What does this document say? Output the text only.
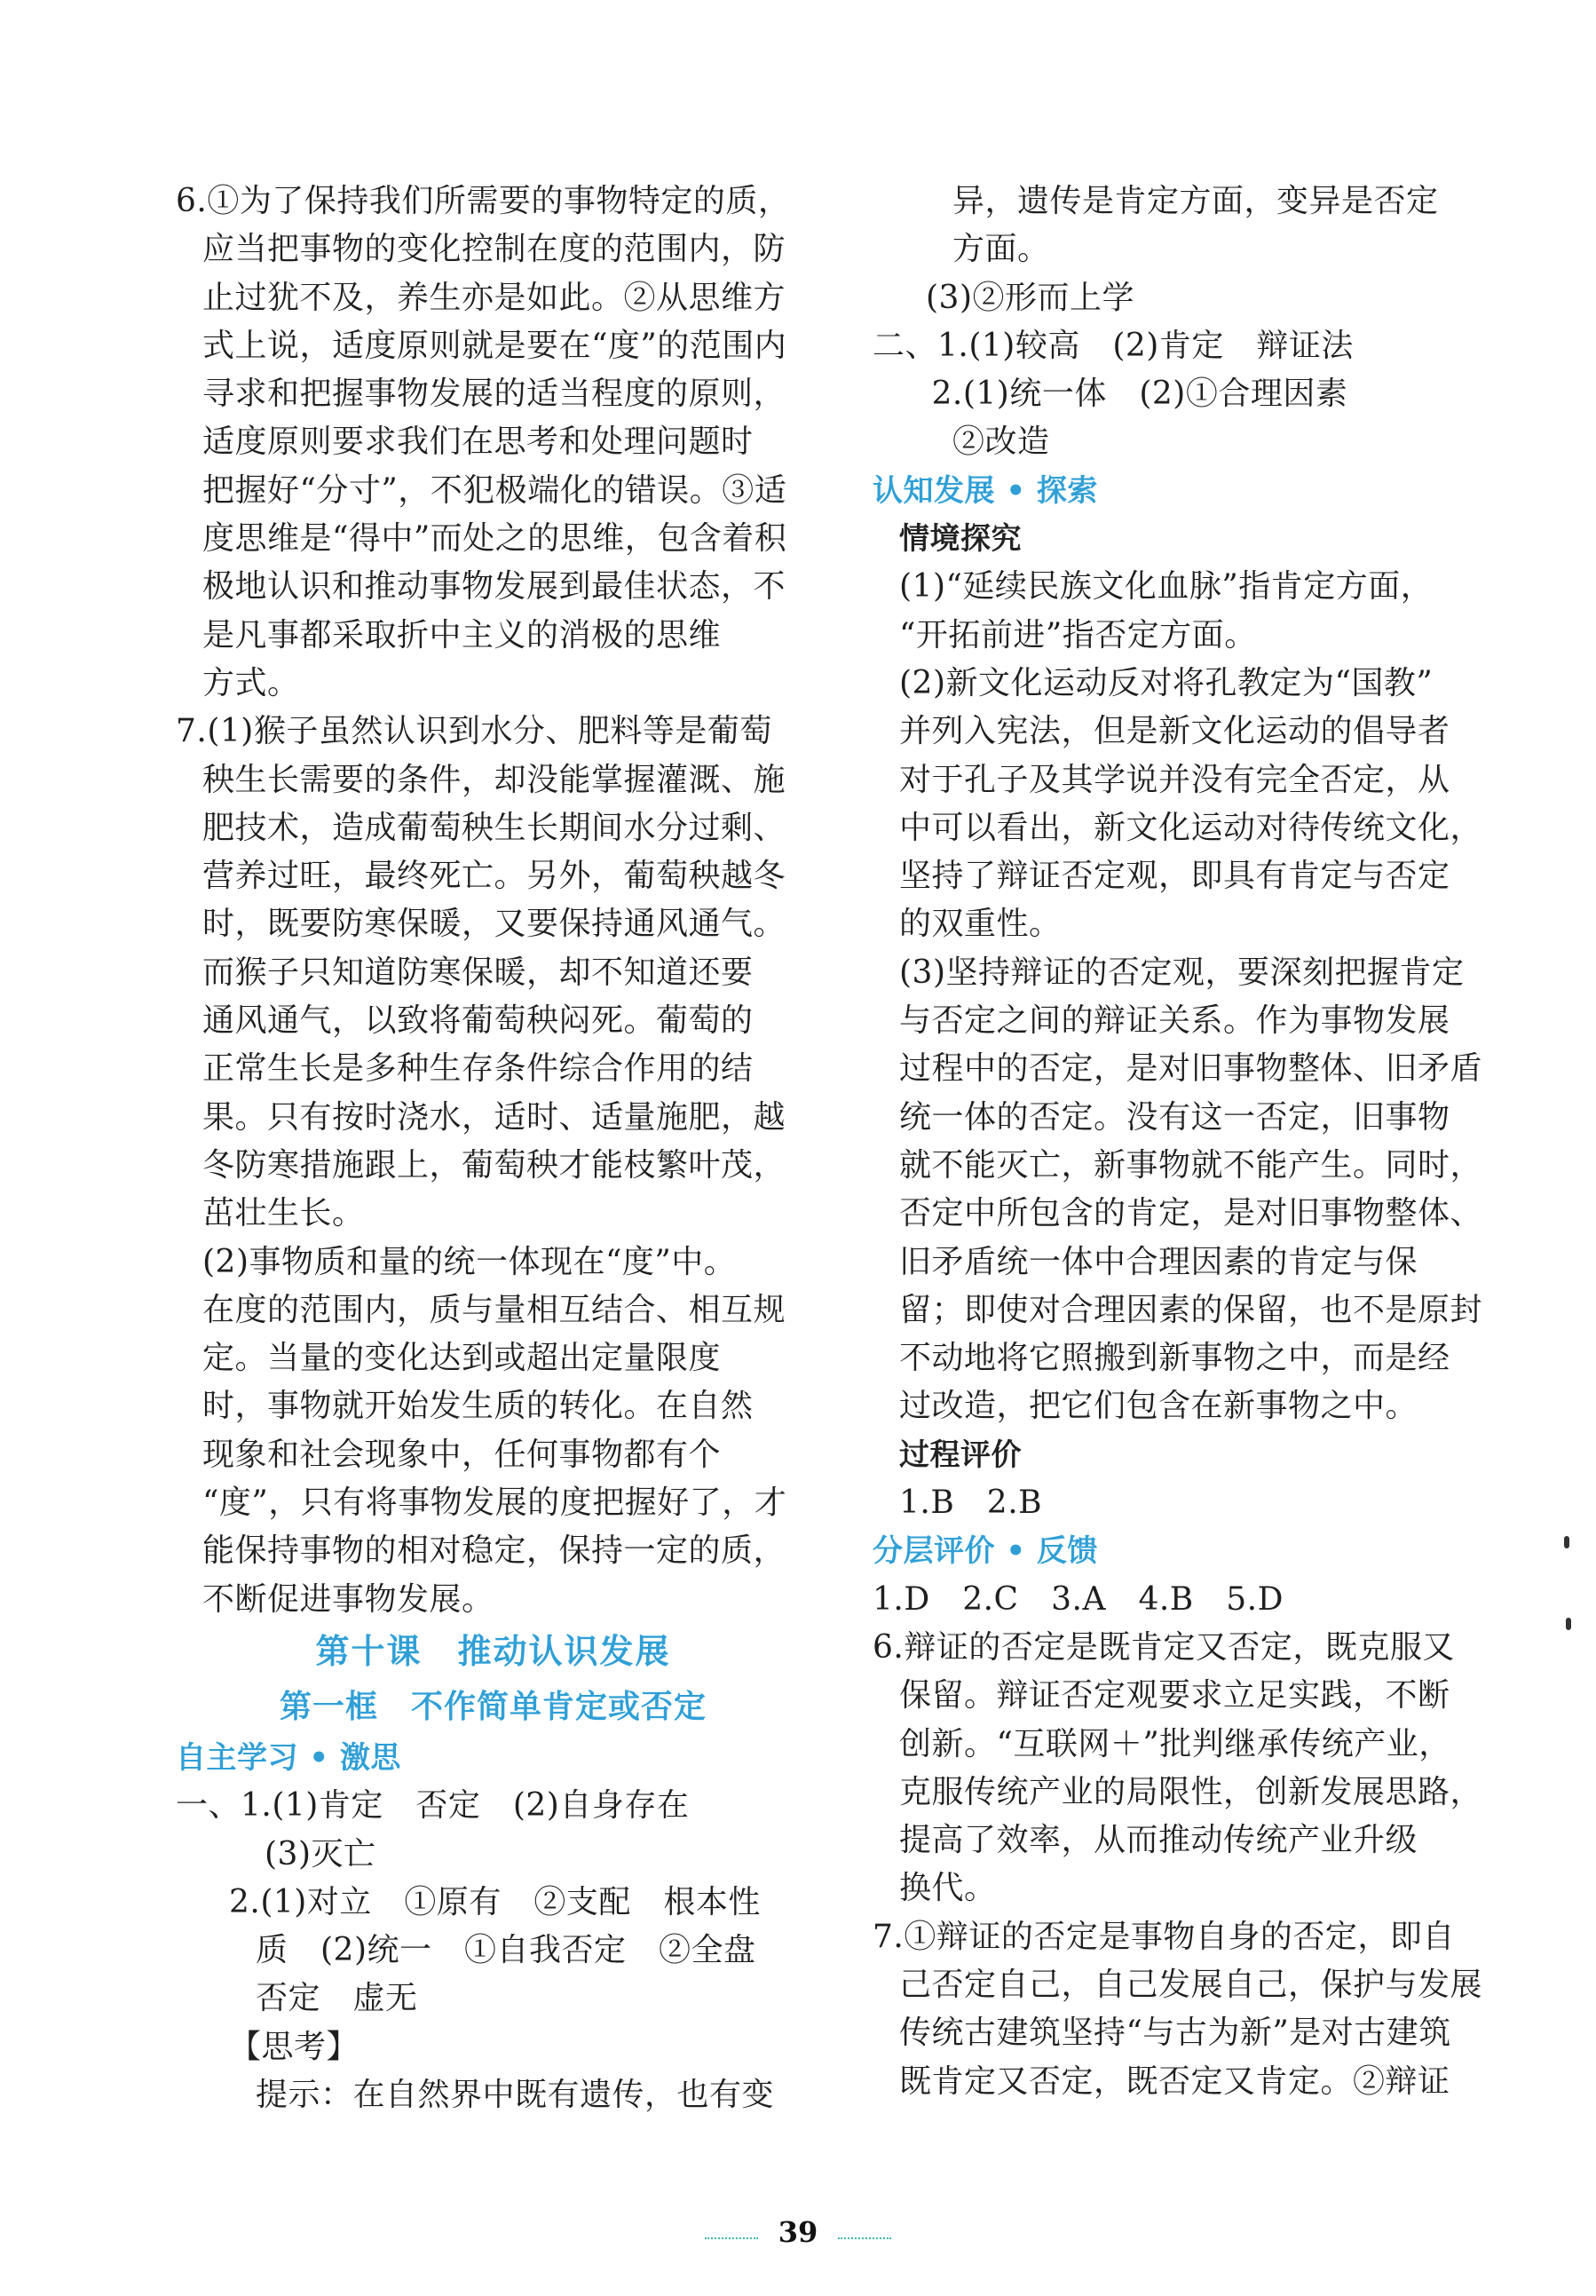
6.①为了保持我们所需要的事物特定的质，
应当把事物的变化控制在度的范围内，防
止过犹不及，养生亦是如此。②从思维方
式上说，适度原则就是要在“度”的范围内
寻求和把握事物发展的适当程度的原则，
适度原则要求我们在思考和处理问题时
把握好“分寸”，不犯极端化的错误。③适
度思维是“得中”而处之的思维，包含着积
极地认识和推动事物发展到最佳状态，不
是凡事都采取折中主义的消极的思维
方式。
7.(1)猴子虽然认识到水分、肥料等是葡萄
秧生长需要的条件，却没能掌握灌溉、施
肥技术，造成葡萄秧生长期间水分过剩、
营养过旺，最终死亡。另外，葡萄秧越冬
时，既要防寒保暖，又要保持通风通气。
而猴子只知道防寒保暖，却不知道还要
通风通气，以致将葡萄秧闷死。葡萄的
正常生长是多种生存条件综合作用的结
果。只有按时浇水，适时、适量施肥，越
冬防寒措施跟上，葡萄秧才能枝繁叶茂，
茁壮生长。
(2)事物质和量的统一体现在“度”中。
在度的范围内，质与量相互结合、相互规
定。当量的变化达到或超出定量限度
时，事物就开始发生质的转化。在自然
现象和社会现象中，任何事物都有个
“度”，只有将事物发展的度把握好了，才
能保持事物的相对稳定，保持一定的质，
不断促进事物发展。
第十课　推动认识发展
第一框　不作简单肯定或否定
自主学习 • 激思
一、1.(1)肯定　否定　(2)自身存在
(3)灭亡
2.(1)对立　①原有　②支配　根本性
质　(2)统一　①自我否定　②全盘
否定　虚无
【思考】
提示：在自然界中既有遗传，也有变
异，遗传是肯定方面，变异是否定
方面。
(3)②形而上学
二、1.(1)较高　(2)肯定　辩证法
　2.(1)统一体　(2)①合理因素
②改造
认知发展 • 探索
情境探究
(1)“延续民族文化血脉”指肯定方面，
“开拓前进”指否定方面。
(2)新文化运动反对将孔教定为“国教”
并列入宪法，但是新文化运动的倡导者
对于孔子及其学说并没有完全否定，从
中可以看出，新文化运动对待传统文化，
坚持了辩证否定观，即具有肯定与否定
的双重性。
(3)坚持辩证的否定观，要深刻把握肯定
与否定之间的辩证关系。作为事物发展
过程中的否定，是对旧事物整体、旧矛盾
统一体的否定。没有这一否定，旧事物
就不能灭亡，新事物就不能产生。同时，
否定中所包含的肯定，是对旧事物整体、
旧矛盾统一体中合理因素的肯定与保
留；即使对合理因素的保留，也不是原封
不动地将它照搬到新事物之中，而是经
过改造，把它们包含在新事物之中。
过程评价
1.B　2.B
分层评价 • 反馈
1.D　2.C　3.A　4.B　5.D
6.辩证的否定是既肯定又否定，既克服又
保留。辩证否定观要求立足实践，不断
创新。“互联网＋”批判继承传统产业，
克服传统产业的局限性，创新发展思路，
提高了效率，从而推动传统产业升级
换代。
7.①辩证的否定是事物自身的否定，即自
己否定自己，自己发展自己，保护与发展
传统古建筑坚持“与古为新”是对古建筑
既肯定又否定，既否定又肯定。②辩证
39
